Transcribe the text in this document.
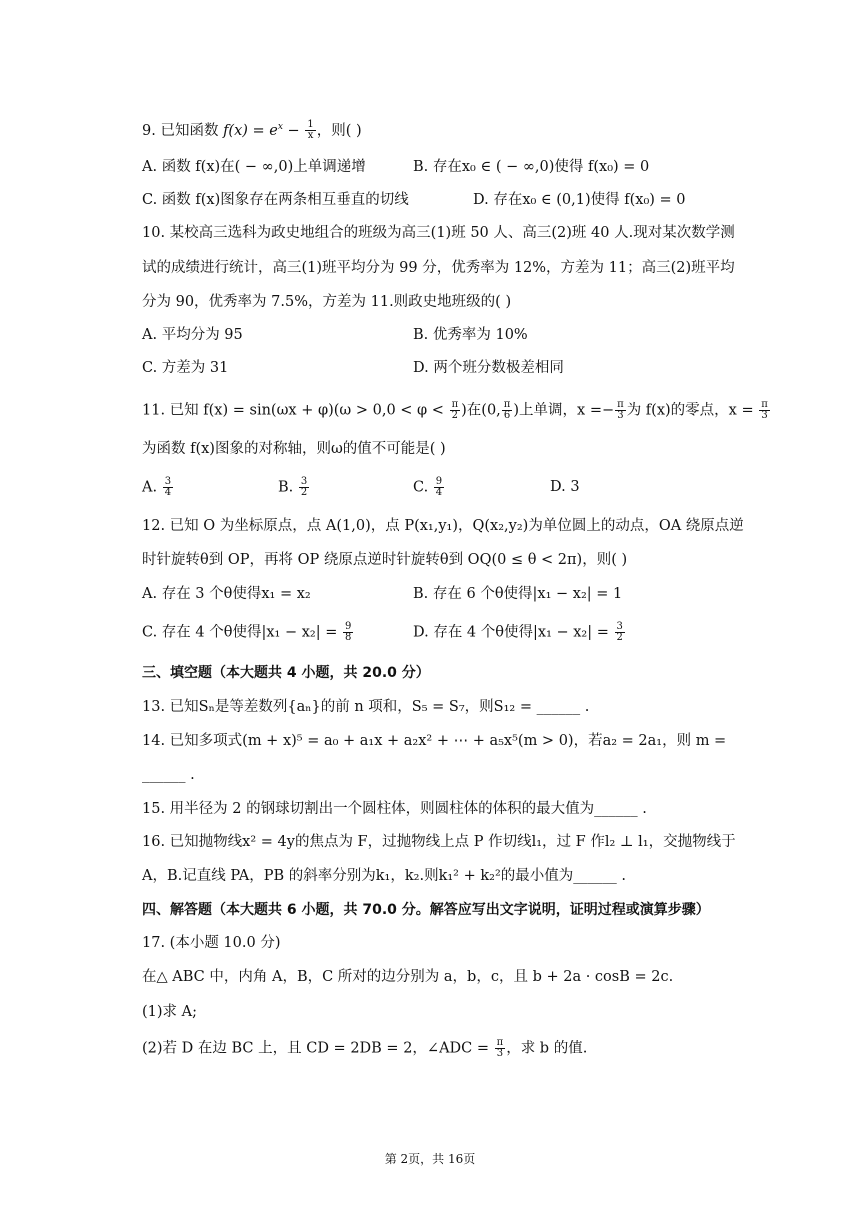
9. 已知函数 $f(x) = e^x - \frac{1}{x}$ ，则( )
A. 函数 f(x)在( − ∞,0)上单调递增	B. 存在x₀ ∈ ( − ∞,0)使得 f(x₀) = 0
C. 函数 f(x)图象存在两条相互垂直的切线	D. 存在x₀ ∈ (0,1)使得 f(x₀) = 0
10. 某校高三选科为政史地组合的班级为高三(1)班 50 人、高三(2)班 40 人.现对某次数学测
试的成绩进行统计，高三(1)班平均分为 99 分，优秀率为 12%，方差为 11；高三(2)班平均
分为 90，优秀率为 7.5%，方差为 11.则政史地班级的( )
A. 平均分为 95	B. 优秀率为 10%
C. 方差为 31	D. 两个班分数极差相同
11. 已知 $f(x) = \sin(\omega x + \varphi)(\omega > 0,0 < \varphi < \frac{\pi}{2}$ )在(0, $\frac{\pi}{6}$ )上单调，$x =- \frac{\pi}{3}$ 为 f(x)的零点，$x = \frac{\pi}{3}$
为函数 f(x)图象的对称轴，则ω的值不可能是( )
A. $\frac{3}{4}$	B. $\frac{3}{2}$	C. $\frac{9}{4}$	D. 3
12. 已知 O 为坐标原点，点 A(1,0)，点 P(x₁,y₁)，Q(x₂,y₂)为单位圆上的动点，OA 绕原点逆
时针旋转θ到 OP，再将 OP 绕原点逆时针旋转θ到 OQ(0 ≤ θ < 2π)，则( )
A. 存在 3 个θ使得x₁ = x₂	B. 存在 6 个θ使得|x₁ − x₂| = 1
C. 存在 4 个θ使得$|x_1 - x_2| = \frac{9}{8}$	D. 存在 4 个θ使得$|x_1 - x_2| = \frac{3}{2}$
三、填空题（本大题共 4 小题，共 20.0 分）
13. 已知Sₙ是等差数列{aₙ}的前 n 项和，S₅ = S₇，则S₁₂ = ______ .
14. 已知多项式(m + x)⁵ = a₀ + a₁x + a₂x² + ⋯ + a₅x⁵(m > 0)，若a₂ = 2a₁，则 m =
______ .
15. 用半径为 2 的钢球切割出一个圆柱体，则圆柱体的体积的最大值为______ .
16. 已知抛物线x² = 4y的焦点为 F，过抛物线上点 P 作切线l₁，过 F 作l₂ ⊥ l₁，交抛物线于
A，B.记直线 PA，PB 的斜率分别为k₁，k₂.则k₁² + k₂²的最小值为______ .
四、解答题（本大题共 6 小题，共 70.0 分。解答应写出文字说明，证明过程或演算步骤）
17. (本小题 10.0 分)
在△ ABC 中，内角 A，B，C 所对的边分别为 a，b，c，且 b + 2a · cosB = 2c.
(1)求 A;
(2)若 D 在边 BC 上，且 CD = 2DB = 2，∠ADC = $\frac{\pi}{3}$ ，求 b 的值.
第 2页，共 16页
